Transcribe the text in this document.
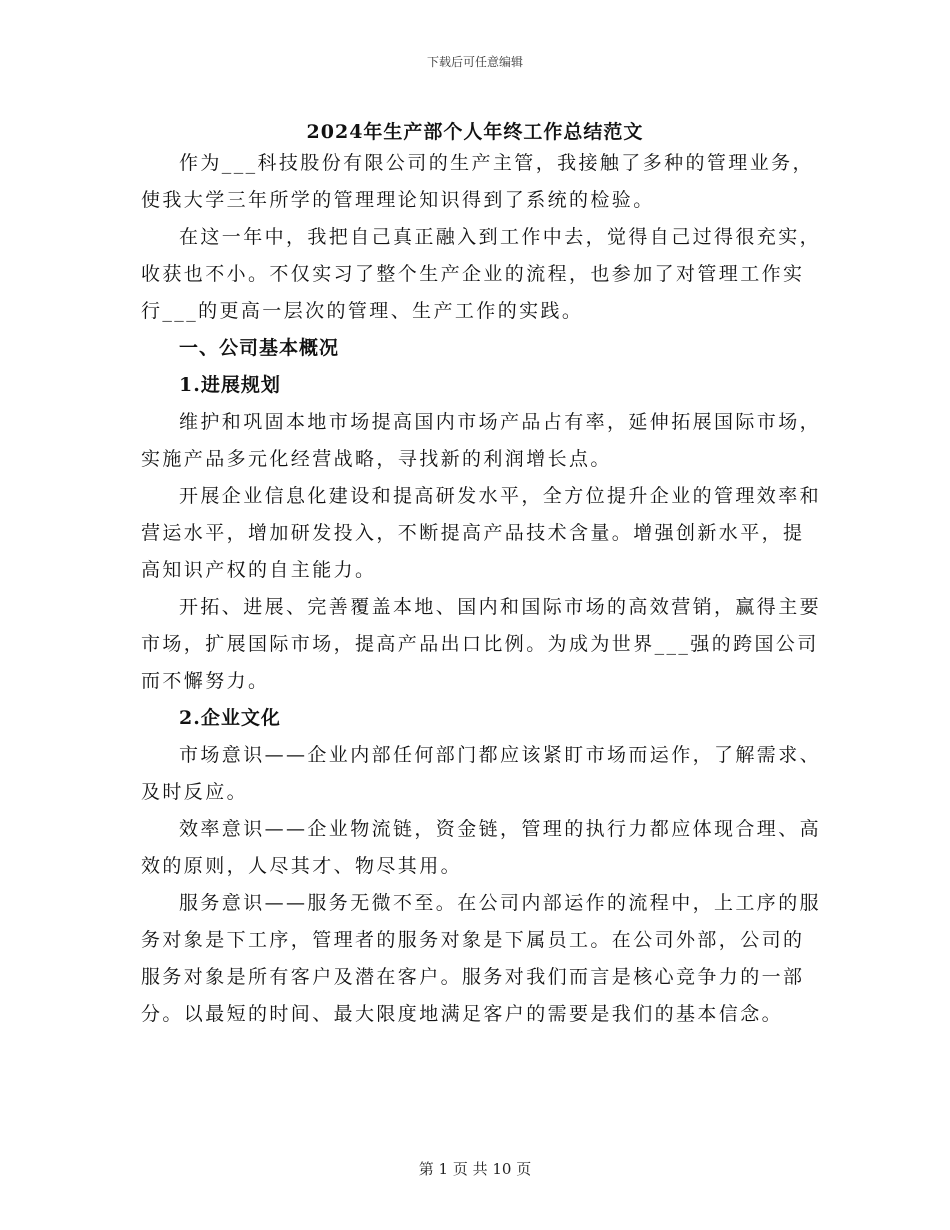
下载后可任意编辑
2024年生产部个人年终工作总结范文

作为___科技股份有限公司的生产主管，我接触了多种的管理业务，使我大学三年所学的管理理论知识得到了系统的检验。

在这一年中，我把自己真正融入到工作中去，觉得自己过得很充实，收获也不小。不仅实习了整个生产企业的流程，也参加了对管理工作实行___的更高一层次的管理、生产工作的实践。

一、公司基本概况

1.进展规划

维护和巩固本地市场提高国内市场产品占有率，延伸拓展国际市场，实施产品多元化经营战略，寻找新的利润增长点。

开展企业信息化建设和提高研发水平，全方位提升企业的管理效率和营运水平，增加研发投入，不断提高产品技术含量。增强创新水平，提高知识产权的自主能力。

开拓、进展、完善覆盖本地、国内和国际市场的高效营销，赢得主要市场，扩展国际市场，提高产品出口比例。为成为世界___强的跨国公司而不懈努力。

2.企业文化

市场意识——企业内部任何部门都应该紧盯市场而运作，了解需求、及时反应。

效率意识——企业物流链，资金链，管理的执行力都应体现合理、高效的原则，人尽其才、物尽其用。

服务意识——服务无微不至。在公司内部运作的流程中，上工序的服务对象是下工序，管理者的服务对象是下属员工。在公司外部，公司的服务对象是所有客户及潜在客户。服务对我们而言是核心竞争力的一部分。以最短的时间、最大限度地满足客户的需要是我们的基本信念。

第 1 页 共 10 页
